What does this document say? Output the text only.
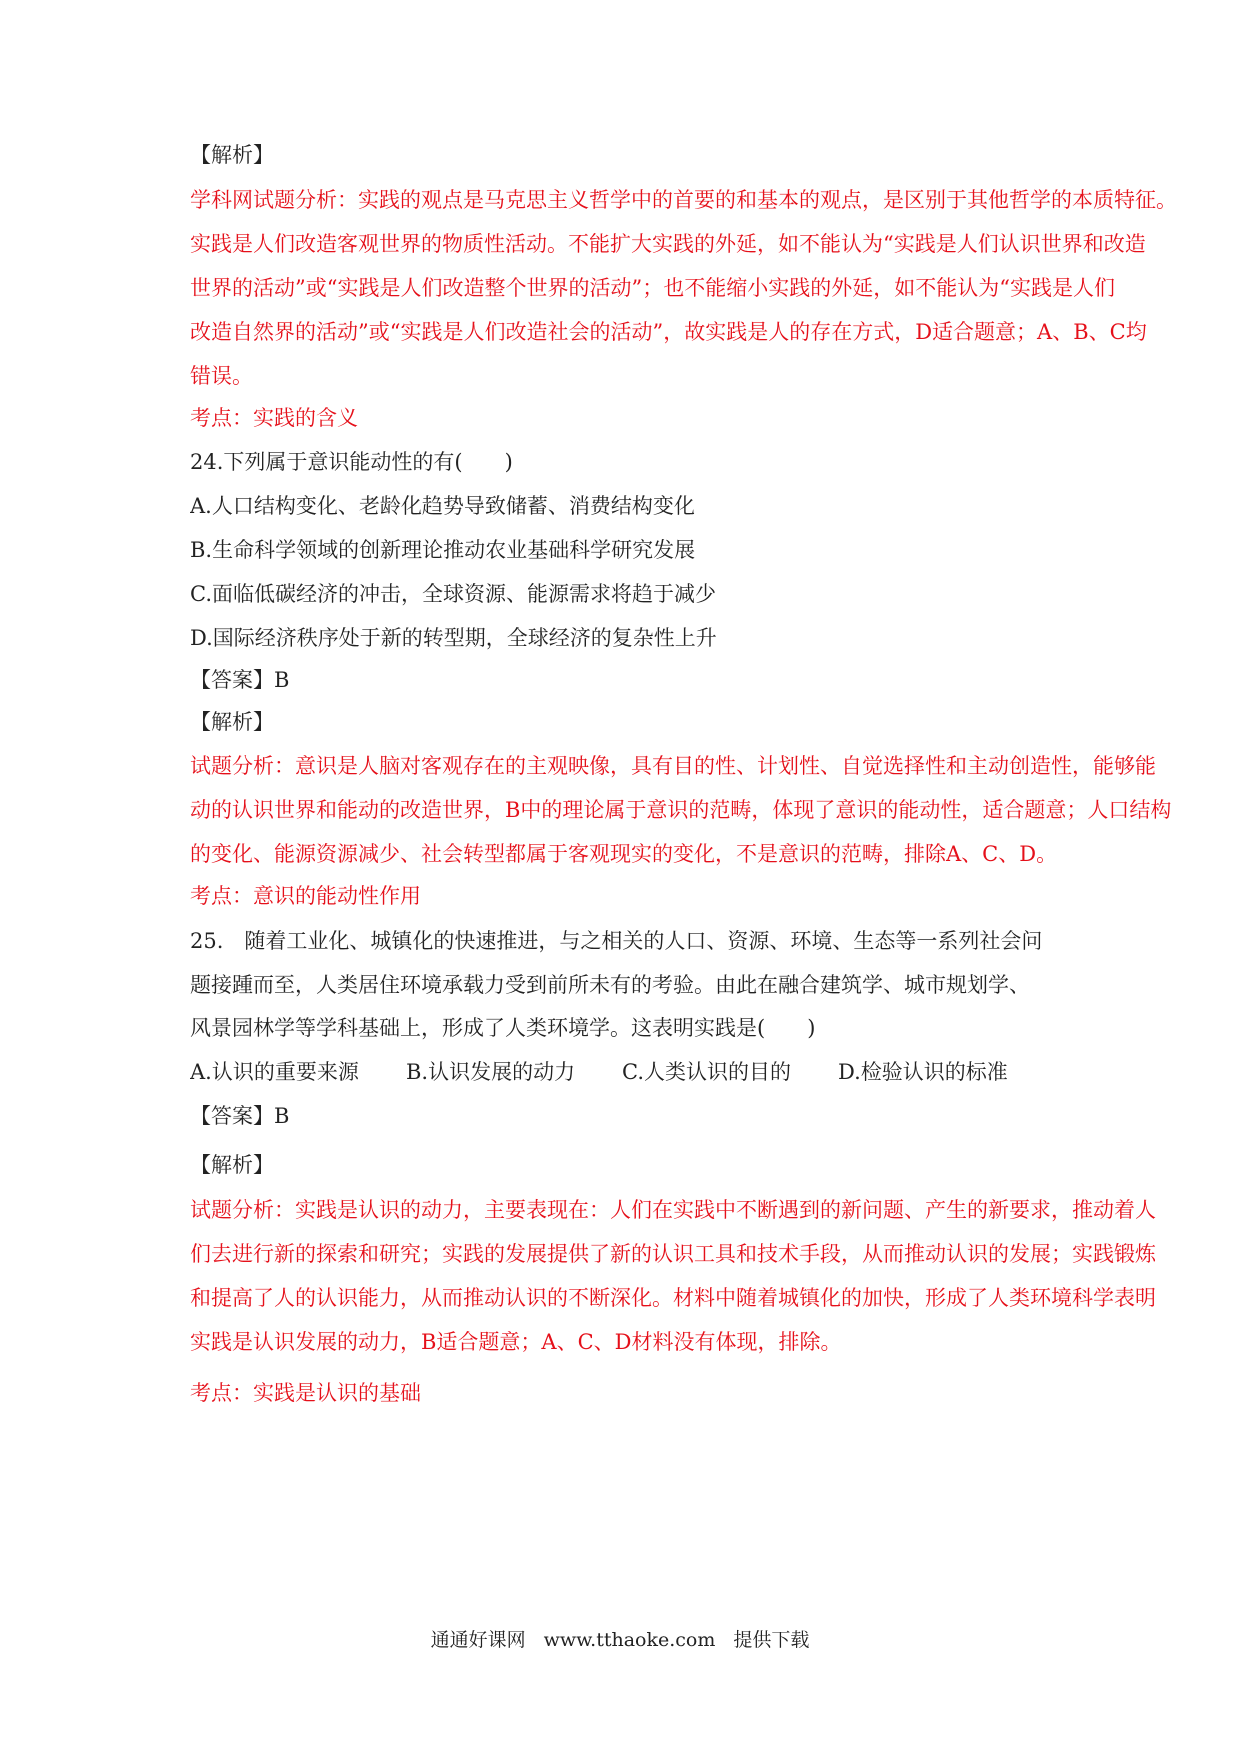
【解析】
学科网试题分析：实践的观点是马克思主义哲学中的首要的和基本的观点，是区别于其他哲学的本质特征。
实践是人们改造客观世界的物质性活动。不能扩大实践的外延，如不能认为“实践是人们认识世界和改造
世界的活动”或“实践是人们改造整个世界的活动”；也不能缩小实践的外延，如不能认为“实践是人们
改造自然界的活动”或“实践是人们改造社会的活动”，故实践是人的存在方式，D适合题意；A、B、C均
错误。
考点：实践的含义
24.下列属于意识能动性的有(　　)
A.人口结构变化、老龄化趋势导致储蓄、消费结构变化
B.生命科学领域的创新理论推动农业基础科学研究发展
C.面临低碳经济的冲击，全球资源、能源需求将趋于减少
D.国际经济秩序处于新的转型期，全球经济的复杂性上升
【答案】B
【解析】
试题分析：意识是人脑对客观存在的主观映像，具有目的性、计划性、自觉选择性和主动创造性，能够能
动的认识世界和能动的改造世界，B中的理论属于意识的范畴，体现了意识的能动性，适合题意；人口结构
的变化、能源资源减少、社会转型都属于客观现实的变化，不是意识的范畴，排除A、C、D。
考点：意识的能动性作用
25.　随着工业化、城镇化的快速推进，与之相关的人口、资源、环境、生态等一系列社会问
题接踵而至，人类居住环境承载力受到前所未有的考验。由此在融合建筑学、城市规划学、
风景园林学等学科基础上，形成了人类环境学。这表明实践是(　　)
A.认识的重要来源	B.认识发展的动力	C.人类认识的目的	D.检验认识的标准
【答案】B
【解析】
试题分析：实践是认识的动力，主要表现在：人们在实践中不断遇到的新问题、产生的新要求，推动着人
们去进行新的探索和研究；实践的发展提供了新的认识工具和技术手段，从而推动认识的发展；实践锻炼
和提高了人的认识能力，从而推动认识的不断深化。材料中随着城镇化的加快，形成了人类环境科学表明
实践是认识发展的动力，B适合题意；A、C、D材料没有体现，排除。
考点：实践是认识的基础
通通好课网 www.tthaoke.com 提供下载
